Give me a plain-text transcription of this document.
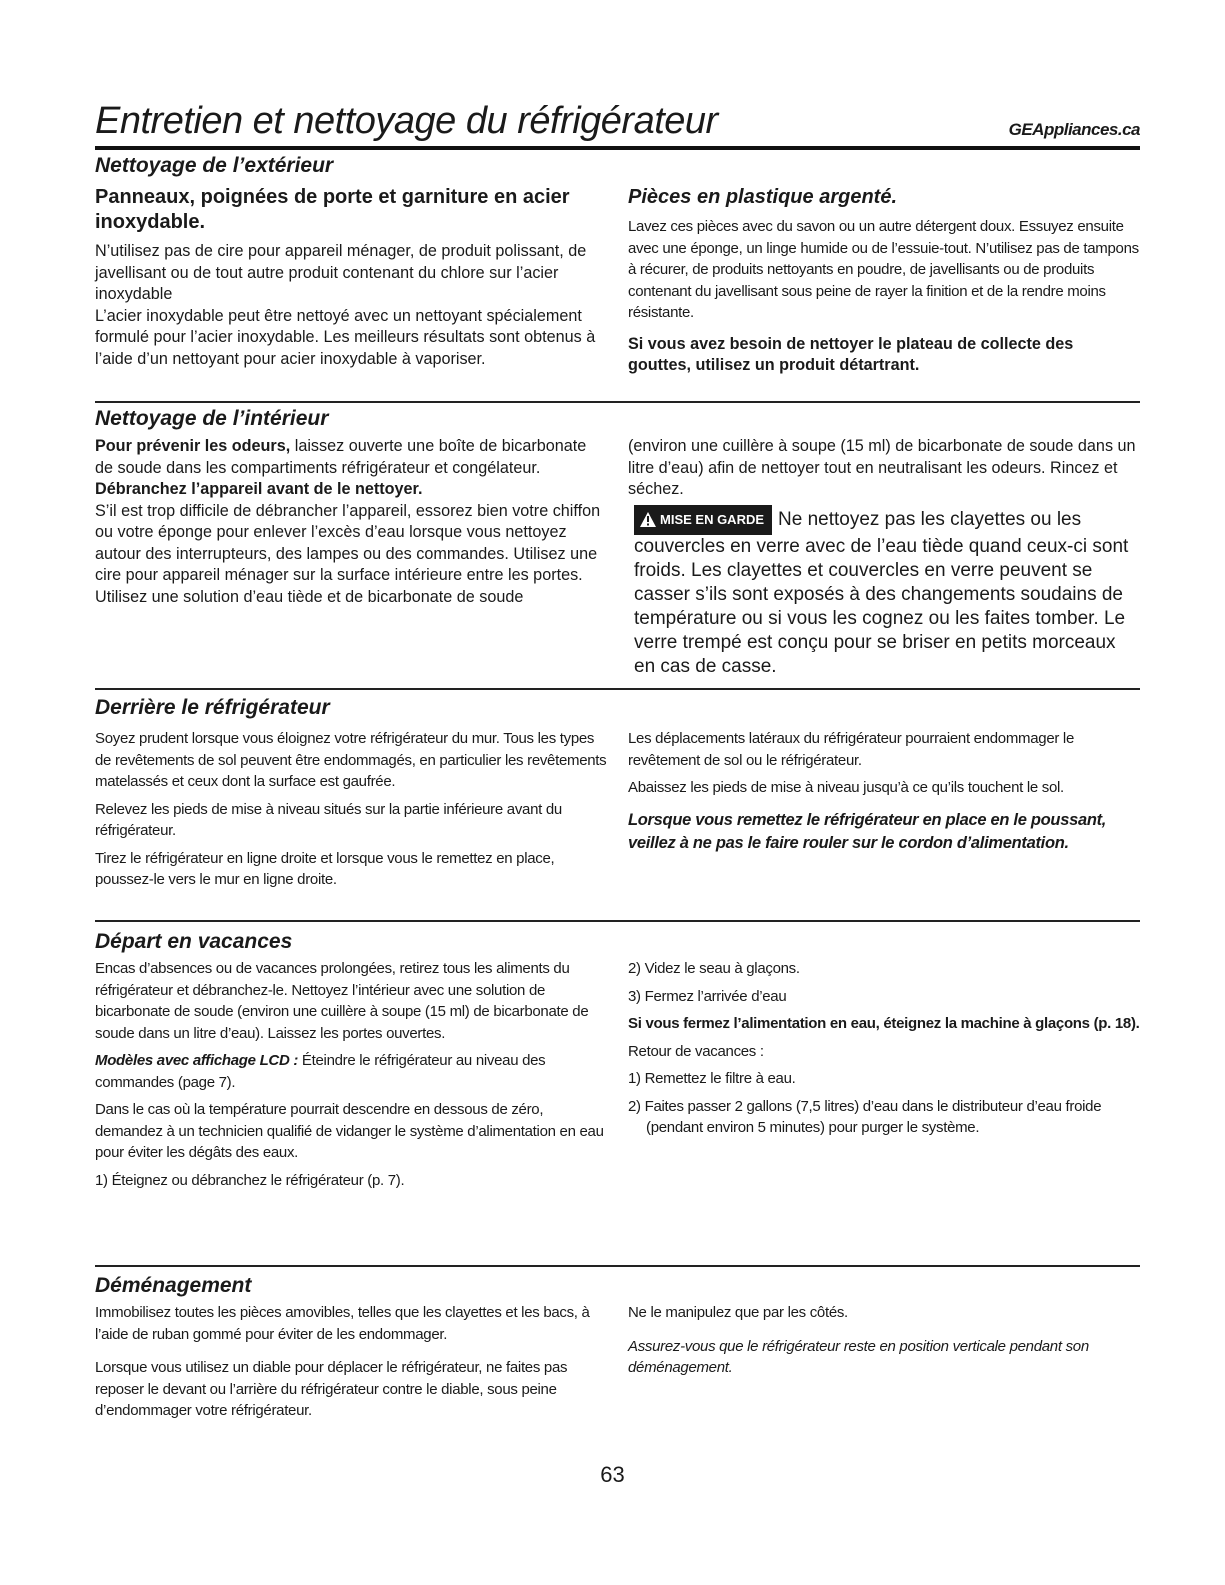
Entretien et nettoyage du réfrigérateur	GEAppliances.ca
Nettoyage de l’extérieur

Panneaux, poignées de porte et garniture en acier inoxydable.

N’utilisez pas de cire pour appareil ménager, de produit polissant, de javellisant ou de tout autre produit contenant du chlore sur l’acier inoxydable

L’acier inoxydable peut être nettoyé avec un nettoyant spécialement formulé pour l’acier inoxydable. Les meilleurs résultats sont obtenus à l’aide d’un nettoyant pour acier inoxydable à vaporiser.

Pièces en plastique argenté.

Lavez ces pièces avec du savon ou un autre détergent doux. Essuyez ensuite avec une éponge, un linge humide ou de l’essuie-tout. N’utilisez pas de tampons à récurer, de produits nettoyants en poudre, de javellisants ou de produits contenant du javellisant sous peine de rayer la finition et de la rendre moins résistante.

Si vous avez besoin de nettoyer le plateau de collecte des gouttes, utilisez un produit détartrant.

Nettoyage de l’intérieur

Pour prévenir les odeurs, laissez ouverte une boîte de bicarbonate de soude dans les compartiments réfrigérateur et congélateur.

Débranchez l’appareil avant de le nettoyer.

S’il est trop difficile de débrancher l’appareil, essorez bien votre chiffon ou votre éponge pour enlever l’excès d’eau lorsque vous nettoyez autour des interrupteurs, des lampes ou des commandes. Utilisez une cire pour appareil ménager sur la surface intérieure entre les portes.

Utilisez une solution d’eau tiède et de bicarbonate de soude

(environ une cuillère à soupe (15 ml) de bicarbonate de soude dans un litre d’eau) afin de nettoyer tout en neutralisant les odeurs. Rincez et séchez.

MISE EN GARDE Ne nettoyez pas les clayettes ou les couvercles en verre avec de l’eau tiède quand ceux-ci sont froids. Les clayettes et couvercles en verre peuvent se casser s’ils sont exposés à des changements soudains de température ou si vous les cognez ou les faites tomber. Le verre trempé est conçu pour se briser en petits morceaux en cas de casse.

Derrière le réfrigérateur

Soyez prudent lorsque vous éloignez votre réfrigérateur du mur. Tous les types de revêtements de sol peuvent être endommagés, en particulier les revêtements matelassés et ceux dont la surface est gaufrée.

Relevez les pieds de mise à niveau situés sur la partie inférieure avant du réfrigérateur.

Tirez le réfrigérateur en ligne droite et lorsque vous le remettez en place, poussez-le vers le mur en ligne droite.

Les déplacements latéraux du réfrigérateur pourraient endommager le revêtement de sol ou le réfrigérateur.

Abaissez les pieds de mise à niveau jusqu’à ce qu’ils touchent le sol.

Lorsque vous remettez le réfrigérateur en place en le poussant, veillez à ne pas le faire rouler sur le cordon d’alimentation.

Départ en vacances

Encas d’absences ou de vacances prolongées, retirez tous les aliments du réfrigérateur et débranchez-le. Nettoyez l’intérieur avec une solution de bicarbonate de soude (environ une cuillère à soupe (15 ml) de bicarbonate de soude dans un litre d’eau). Laissez les portes ouvertes.

Modèles avec affichage LCD : Éteindre le réfrigérateur au niveau des commandes (page 7).

Dans le cas où la température pourrait descendre en dessous de zéro, demandez à un technicien qualifié de vidanger le système d’alimentation en eau pour éviter les dégâts des eaux.

1) Éteignez ou débranchez le réfrigérateur (p. 7).

2) Videz le seau à glaçons.

3) Fermez l’arrivée d’eau

Si vous fermez l’alimentation en eau, éteignez la machine à glaçons (p. 18).

Retour de vacances :

1) Remettez le filtre à eau.

2) Faites passer 2 gallons (7,5 litres) d’eau dans le distributeur d’eau froide (pendant environ 5 minutes) pour purger le système.

Déménagement

Immobilisez toutes les pièces amovibles, telles que les clayettes et les bacs, à l’aide de ruban gommé pour éviter de les endommager.

Lorsque vous utilisez un diable pour déplacer le réfrigérateur, ne faites pas reposer le devant ou l’arrière du réfrigérateur contre le diable, sous peine d’endommager votre réfrigérateur.

Ne le manipulez que par les côtés.

Assurez-vous que le réfrigérateur reste en position verticale pendant son déménagement.

63
